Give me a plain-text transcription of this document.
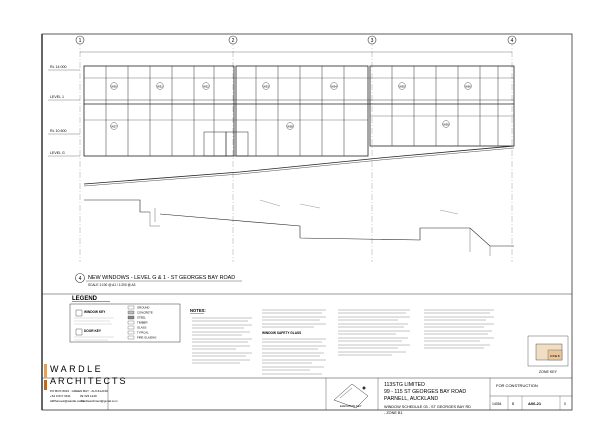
1	2	3	4
RL 14.000
LEVEL 1
RL 10.500
LEVEL G
W50	W51	W52	W53	W54	W55	W56
W57	W58	W59
4 NEW WINDOWS - LEVEL G & 1 - ST GEORGES BAY ROAD
SCALE 1:100 @ A1 / 1:200 @ A3
LEGEND
WINDOW KEY
DOOR KEY
GROUND
CONCRETE
STEEL
TIMBER
GLASS
TYPICAL
FIRE GLAZING
NOTES:
WINDOW SAFETY GLASS
ZONE B
ZONE KEY
WARDLE
ARCHITECTS
PO BOX 8019 · GREEN BAY · AUCKLAND
+64 9 817 6611	09 323 1249
AllPlanned@wardle.co.nz
Wardlearchitect@gmail.com
ELEVATION KEY
113STG LIMITED
99 - 115 ST GEORGES BAY ROAD
PARNELL, AUCKLAND
WINDOW SCHEDULE 03 - ST GEORGES BAY RD
- ZONE B1
FOR CONSTRUCTION
14054	B	A06-21	0
